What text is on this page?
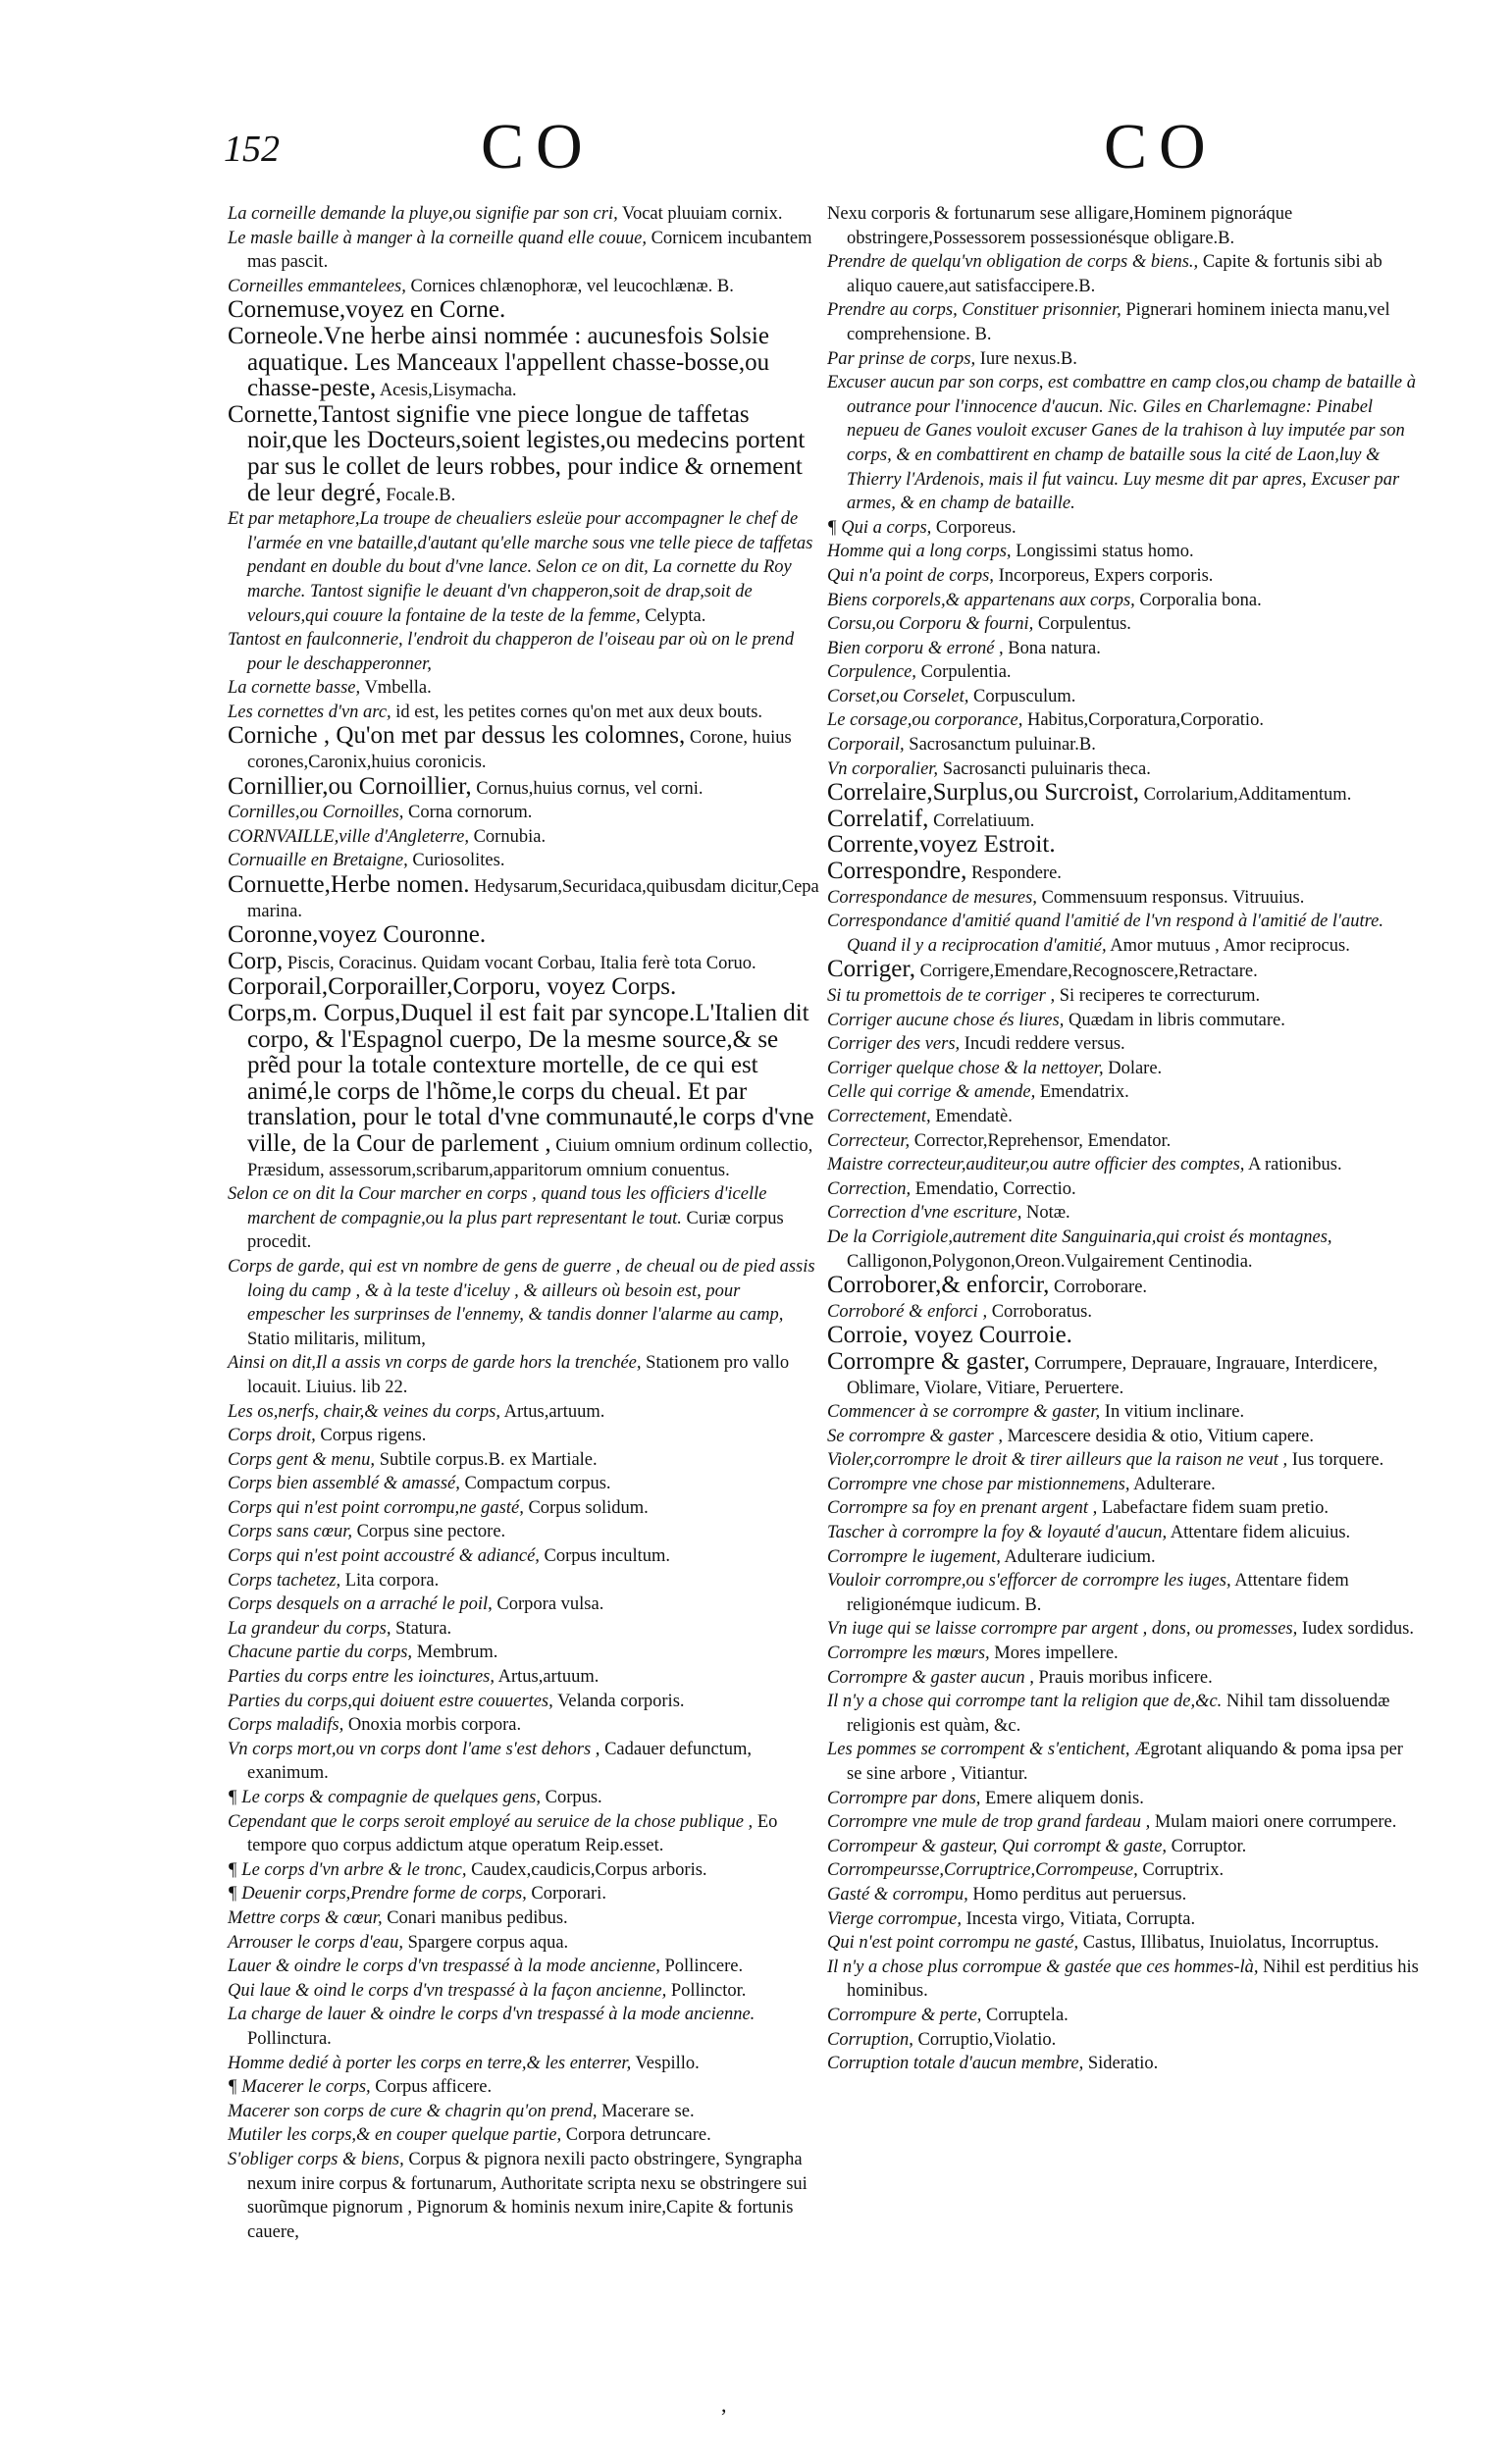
152	CO	CO

La corneille demande la pluye,ou signifie par son cri, Vocat pluuiam cornix.

Le masle baille à manger à la corneille quand elle couue, Cornicem incubantem mas pascit.

Corneilles emmantelees, Cornices chlænophoræ, vel leucochlænæ. B.

Cornemuse,voyez en Corne.

Corneole.Vne herbe ainsi nommée : aucunesfois Solsie aquatique. Les Manceaux l'appellent chasse-bosse,ou chasse-peste, Acesis,Lisymacha.

Cornette,Tantost signifie vne piece longue de taffetas noir,que les Docteurs,soient legistes,ou medecins portent par sus le collet de leurs robbes, pour indice & ornement de leur degré, Focale.B.

Et par metaphore,La troupe de cheualiers esleüe pour accompagner le chef de l'armée en vne bataille,d'autant qu'elle marche sous vne telle piece de taffetas pendant en double du bout d'vne lance. Selon ce on dit, La cornette du Roy marche. Tantost signifie le deuant d'vn chapperon,soit de drap,soit de velours,qui couure la fontaine de la teste de la femme, Celypta.

Tantost en faulconnerie, l'endroit du chapperon de l'oiseau par où on le prend pour le deschapperonner,

La cornette basse, Vmbella.

Les cornettes d'vn arc, id est, les petites cornes qu'on met aux deux bouts.

Corniche , Qu'on met par dessus les colomnes, Corone, huius corones,Caronix,huius coronicis.

Cornillier,ou Cornoillier, Cornus,huius cornus, vel corni.

Cornilles,ou Cornoilles, Corna cornorum.

CORNVAILLE,ville d'Angleterre, Cornubia.

Cornuaille en Bretaigne, Curiosolites.

Cornuette,Herbe nomen. Hedysarum,Securidaca,quibusdam dicitur,Cepa marina.

Coronne,voyez Couronne.

Corp, Piscis, Coracinus. Quidam vocant Corbau, Italia ferè tota Coruo.

Corporail,Corporailler,Corporu, voyez Corps.

Corps,m. Corpus,Duquel il est fait par syncope.L'Italien dit corpo, & l'Espagnol cuerpo, De la mesme source,& se prẽd pour la totale contexture mortelle, de ce qui est animé,le corps de l'hõme,le corps du cheual. Et par translation, pour le total d'vne communauté,le corps d'vne ville, de la Cour de parlement , Ciuium omnium ordinum collectio, Præsidum, assessorum,scribarum,apparitorum omnium conuentus.

Selon ce on dit la Cour marcher en corps , quand tous les officiers d'icelle marchent de compagnie,ou la plus part representant le tout. Curiæ corpus procedit.

Corps de garde, qui est vn nombre de gens de guerre , de cheual ou de pied assis loing du camp , & à la teste d'iceluy , & ailleurs où besoin est, pour empescher les surprinses de l'ennemy, & tandis donner l'alarme au camp, Statio militaris, militum,

Ainsi on dit,Il a assis vn corps de garde hors la trenchée, Stationem pro vallo locauit. Liuius. lib 22.

Les os,nerfs, chair,& veines du corps, Artus,artuum.

Corps droit, Corpus rigens.

Corps gent & menu, Subtile corpus.B. ex Martiale.

Corps bien assemblé & amassé, Compactum corpus.

Corps qui n'est point corrompu,ne gasté, Corpus solidum.

Corps sans cœur, Corpus sine pectore.

Corps qui n'est point accoustré & adiancé, Corpus incultum.

Corps tachetez, Lita corpora.

Corps desquels on a arraché le poil, Corpora vulsa.

La grandeur du corps, Statura.

Chacune partie du corps, Membrum.

Parties du corps entre les ioinctures, Artus,artuum.

Parties du corps,qui doiuent estre couuertes, Velanda corporis.

Corps maladifs, Onoxia morbis corpora.

Vn corps mort,ou vn corps dont l'ame s'est dehors , Cadauer defunctum, exanimum.

¶ Le corps & compagnie de quelques gens, Corpus.

Cependant que le corps seroit employé au seruice de la chose publique , Eo tempore quo corpus addictum atque operatum Reip.esset.

¶ Le corps d'vn arbre & le tronc, Caudex,caudicis,Corpus arboris.

¶ Deuenir corps,Prendre forme de corps, Corporari.

Mettre corps & cœur, Conari manibus pedibus.

Arrouser le corps d'eau, Spargere corpus aqua.

Lauer & oindre le corps d'vn trespassé à la mode ancienne, Pollincere.

Qui laue & oind le corps d'vn trespassé à la façon ancienne, Pollinctor.

La charge de lauer & oindre le corps d'vn trespassé à la mode ancienne. Pollinctura.

Homme dedié à porter les corps en terre,& les enterrer, Vespillo.

¶ Macerer le corps, Corpus afficere.

Macerer son corps de cure & chagrin qu'on prend, Macerare se.

Mutiler les corps,& en couper quelque partie, Corpora detruncare.

S'obliger corps & biens, Corpus & pignora nexili pacto obstringere, Syngrapha nexum inire corpus & fortunarum, Authoritate scripta nexu se obstringere sui suorũmque pignorum , Pignorum & hominis nexum inire,Capite & fortunis cauere,

Nexu corporis & fortunarum sese alligare,Hominem pignoráque obstringere,Possessorem possessionésque obligare.B.

Prendre de quelqu'vn obligation de corps & biens., Capite & fortunis sibi ab aliquo cauere,aut satisfaccipere.B.

Prendre au corps, Constituer prisonnier, Pignerari hominem iniecta manu,vel comprehensione. B.

Par prinse de corps, Iure nexus.B.

Excuser aucun par son corps, est combattre en camp clos,ou champ de bataille à outrance pour l'innocence d'aucun. Nic. Giles en Charlemagne: Pinabel nepueu de Ganes vouloit excuser Ganes de la trahison à luy imputée par son corps, & en combattirent en champ de bataille sous la cité de Laon,luy & Thierry l'Ardenois, mais il fut vaincu. Luy mesme dit par apres, Excuser par armes, & en champ de bataille.

¶ Qui a corps, Corporeus.

Homme qui a long corps, Longissimi status homo.

Qui n'a point de corps, Incorporeus, Expers corporis.

Biens corporels,& appartenans aux corps, Corporalia bona.

Corsu,ou Corporu & fourni, Corpulentus.

Bien corporu & erroné , Bona natura.

Corpulence, Corpulentia.

Corset,ou Corselet, Corpusculum.

Le corsage,ou corporance, Habitus,Corporatura,Corporatio.

Corporail, Sacrosanctum puluinar.B.

Vn corporalier, Sacrosancti puluinaris theca.

Correlaire,Surplus,ou Surcroist, Corrolarium,Additamentum.

Correlatif, Correlatiuum.

Corrente,voyez Estroit.

Correspondre, Respondere.

Correspondance de mesures, Commensuum responsus. Vitruuius.

Correspondance d'amitié quand l'amitié de l'vn respond à l'amitié de l'autre. Quand il y a reciprocation d'amitié, Amor mutuus , Amor reciprocus.

Corriger, Corrigere,Emendare,Recognoscere,Retractare.

Si tu promettois de te corriger , Si reciperes te correcturum.

Corriger aucune chose és liures, Quædam in libris commutare.

Corriger des vers, Incudi reddere versus.

Corriger quelque chose & la nettoyer, Dolare.

Celle qui corrige & amende, Emendatrix.

Correctement, Emendatè.

Correcteur, Corrector,Reprehensor, Emendator.

Maistre correcteur,auditeur,ou autre officier des comptes, A rationibus.

Correction, Emendatio, Correctio.

Correction d'vne escriture, Notæ.

De la Corrigiole,autrement dite Sanguinaria,qui croist és montagnes, Calligonon,Polygonon,Oreon.Vulgairement Centinodia.

Corroborer,& enforcir, Corroborare.

Corroboré & enforci , Corroboratus.

Corroie, voyez Courroie.

Corrompre & gaster, Corrumpere, Deprauare, Ingrauare, Interdicere, Oblimare, Violare, Vitiare, Peruertere.

Commencer à se corrompre & gaster, In vitium inclinare.

Se corrompre & gaster , Marcescere desidia & otio, Vitium capere.

Violer,corrompre le droit & tirer ailleurs que la raison ne veut , Ius torquere.

Corrompre vne chose par mistionnemens, Adulterare.

Corrompre sa foy en prenant argent , Labefactare fidem suam pretio.

Tascher à corrompre la foy & loyauté d'aucun, Attentare fidem alicuius.

Corrompre le iugement, Adulterare iudicium.

Vouloir corrompre,ou s'efforcer de corrompre les iuges, Attentare fidem religionémque iudicum. B.

Vn iuge qui se laisse corrompre par argent , dons, ou promesses, Iudex sordidus.

Corrompre les mœurs, Mores impellere.

Corrompre & gaster aucun , Prauis moribus inficere.

Il n'y a chose qui corrompe tant la religion que de,&c. Nihil tam dissoluendæ religionis est quàm, &c.

Les pommes se corrompent & s'entichent, Ægrotant aliquando & poma ipsa per se sine arbore , Vitiantur.

Corrompre par dons, Emere aliquem donis.

Corrompre vne mule de trop grand fardeau , Mulam maiori onere corrumpere.

Corrompeur & gasteur, Qui corrompt & gaste, Corruptor.

Corrompeursse,Corruptrice,Corrompeuse, Corruptrix.

Gasté & corrompu, Homo perditus aut peruersus.

Vierge corrompue, Incesta virgo, Vitiata, Corrupta.

Qui n'est point corrompu ne gasté, Castus, Illibatus, Inuiolatus, Incorruptus.

Il n'y a chose plus corrompue & gastée que ces hommes-là, Nihil est perditius his hominibus.

Corrompure & perte, Corruptela.

Corruption, Corruptio,Violatio.

Corruption totale d'aucun membre, Sideratio.

,
